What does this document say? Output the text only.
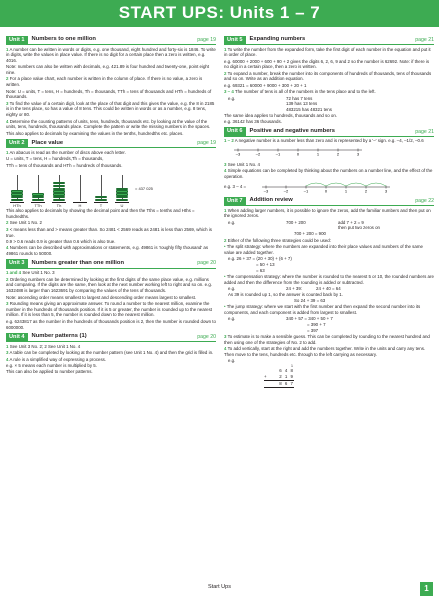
START UPS: Units 1 – 7
Unit 1	Numbers to one million	page 19
1 A number can be written in words or digits, e.g. one thousand, eight hundred and forty-six is 1846. To write in digits, write the values in place value. If there is no digit for a certain place then a zero is written, e.g. 4016.
Note: numbers can also be written with decimals, e.g. 421.89 is four hundred and twenty-one, point eight nine.
2 For a place value chart, each number is written in the column of place. If there is no value, a zero is written.
Note: U = units, T = tens, H = hundreds, Th = thousands, TTh = tens of thousands and HTh = hundreds of thousands.
3 To find the value of a certain digit, look at the place of that digit and this gives the value, e.g. the 8 in 2185 is in the tens place, so has a value of 8 tens. This could be written in words or as a number, e.g. 8 tens, eighty or 80.
4 Determine the counting patterns of units, tens, hundreds, thousands etc. by looking at the value of the units, tens, hundreds, thousands place. Complete the pattern or write the missing numbers in the spaces.
This also applies to decimals by examining the values in the tenths, hundredths etc. places.
Unit 2	Place value	page 19
1 An abacus is read as the number of discs above each letter.
U = units, T = tens, H = hundreds,Th = thousands,
TTh = tens of thousands and HTh = hundreds of thousands.
HTh	TTh	Th	H	T	U
= 437 025
This also applies to decimals by showing the decimal point and then the Tths = tenths and Hths = hundredths.
2 See Unit 1 No. 2
3 < means less than and > means greater than. So 2481 < 2569 reads as 2481 is less than 2569, which is true.
0.9 > 0.6 reads 0.9 is greater than 0.6 which is also true.
4 Numbers can be described with approximations or statements, e.g. 49861 is 'roughly fifty thousand' as 49861 rounds to 50000.
Unit 3	Numbers greater than one million	page 20
1 and 4 See Unit 1 No. 3
2 Ordering numbers can be determined by looking at the first digits of the same place value, e.g. millions and comparing. If the digits are the same, then look at the next number working left to right and so on. e.g. 1632488 is larger than 1623691 by comparing the values of the tens of thousands.
Note: ascending order means smallest to largest and descending order means largest to smallest.
3 Rounding means giving an approximate answer. To round a number to the nearest million, examine the number in the hundreds of thousands position. If it is 5 or greater, the number is rounded up to the nearest million. If it is less than 5, the number is rounded down to the nearest million.
e.g. 6243817 as the number in the hundreds of thousands position is 2, then the number is rounded down to 6000000.
Unit 4	Number patterns (1)	page 20
1 See Unit 3 No. 2; 2 See Unit 1 No. 4
3 A table can be completed by looking at the number pattern (see Unit 1 No. 4) and then the grid is filled in.
4 A rule is a simplified way of expressing a process.
e.g. × 5 means each number is multiplied by 5.
This can also be applied to number patterns.
Unit 5	Expanding numbers	page 21
1 To write the number from the expanded form, take the first digit of each number in the equation and put it in order of place.
e.g. 60000 + 2000 + 600 + 90 + 2 gives the digits 6, 2, 6, 9 and 2 so the number is 62692. Note: if there is no digit in a certain place, then a zero is written.
2 To expand a number, break the number into its components of hundreds of thousands, tens of thousands and so on. Write as an addition equation.
e.g. 69321 = 60000 + 9000 + 300 + 20 + 1
3 – 4 The number of tens is all of the numbers in the tens place and to the left.
e.g.	72 has 7 tens
139 has 13 tens
483215 has 48321 tens
The same idea applies to hundreds, thousands and so on.
e.g. 36142 has 36 thousands.
Unit 6	Positive and negative numbers	page 21
1 – 2 A negative number is a number less than zero and is represented by a '–' sign. e.g. –4, –1/2, –0.6
–3	–2	–1	0	1	2	3
3 See Unit 1 No. 4
4 Simple equations can be completed by thinking about the numbers on a number line, and the effect of the operation.
e.g. 3 – 4 =
–3	–2	–1	0	1	2	3
Unit 7	Addition review	page 22
1 When adding larger numbers, it is possible to ignore the zeros, add the familiar numbers and then put on the ignored zeros.
e.g.	700 + 200	add 7 + 2 = 9
then put two zeros on
700 + 200 = 900
2 Either of the following three strategies could be used:
• The split strategy: where the numbers are expanded into their place values and numbers of the same value are added together.
e.g. 26 + 37 = (20 + 30) + (6 + 7)
= 50 + 13
= 63
• The compensation strategy: where the number is rounded to the nearest 5 or 10, the rounded numbers are added and then the difference from the rounding is added or subtracted.
e.g.	24 + 39:	24 + 40 = 64
As 39 is rounded up 1, so the answer is counted back by 1.
So 24 + 39 = 63
• The jump strategy: where we start with the first number and then expand the second number into its components, and each component is added from largest to smallest.
e.g.	340 + 57 = 340 + 50 + 7
= 390 + 7
= 397
3 To estimate is to make a sensible guess. This can be completed by rounding to the nearest hundred and then using one of the strategies of No. 2 to add.
4 To add vertically, start at the right and add the numbers together. Write in the units and carry any tens. Then move to the tens, hundreds etc. through to the left carrying as necessary.
e.g.
1
6 4 8
+	2 1 9
8 6 7
Start Ups	1
